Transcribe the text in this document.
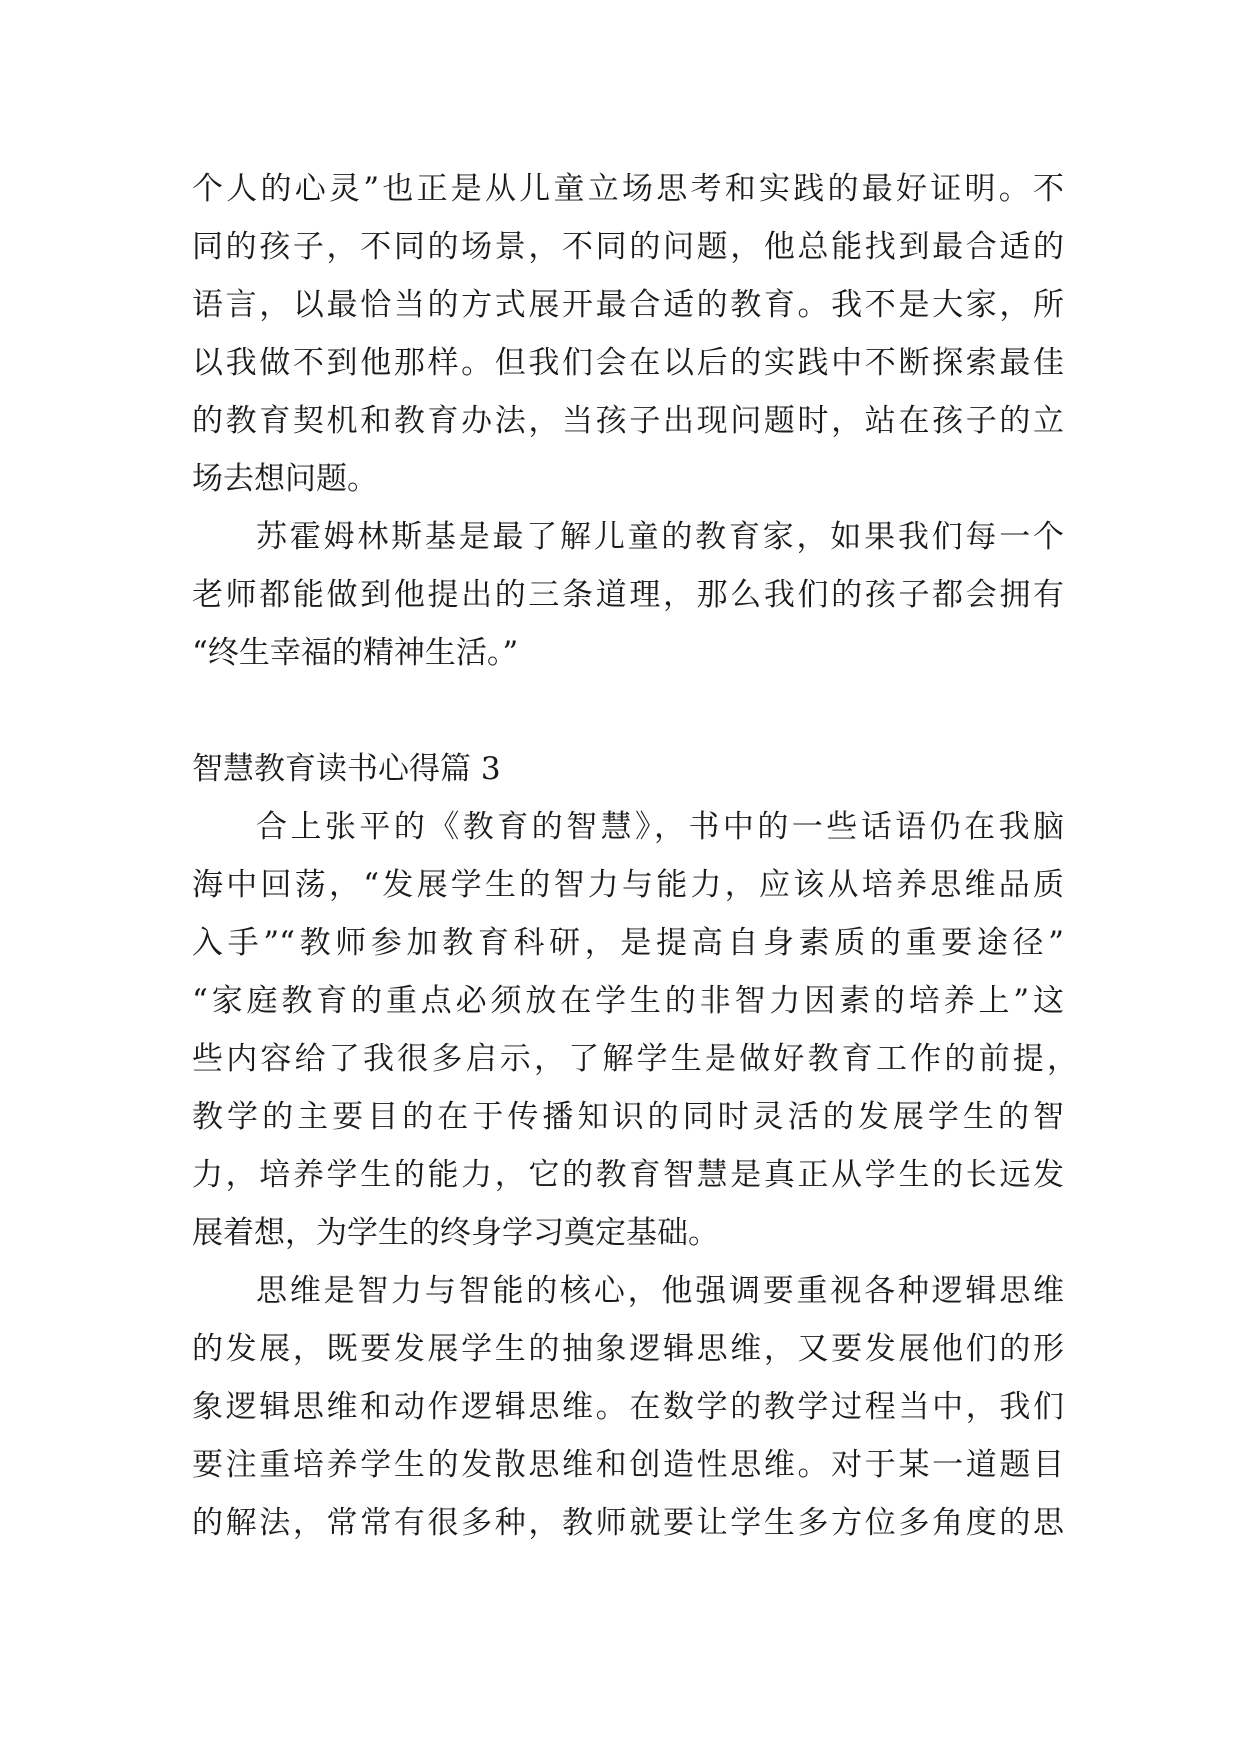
个人的心灵”也正是从儿童立场思考和实践的最好证明。不
同的孩子，不同的场景，不同的问题，他总能找到最合适的
语言，以最恰当的方式展开最合适的教育。我不是大家，所
以我做不到他那样。但我们会在以后的实践中不断探索最佳
的教育契机和教育办法，当孩子出现问题时，站在孩子的立
场去想问题。
苏霍姆林斯基是最了解儿童的教育家，如果我们每一个
老师都能做到他提出的三条道理，那么我们的孩子都会拥有
“终生幸福的精神生活。”
智慧教育读书心得篇 3
合上张平的《教育的智慧》，书中的一些话语仍在我脑
海中回荡，“发展学生的智力与能力，应该从培养思维品质
入手”“教师参加教育科研，是提高自身素质的重要途径”
“家庭教育的重点必须放在学生的非智力因素的培养上”这
些内容给了我很多启示，了解学生是做好教育工作的前提，
教学的主要目的在于传播知识的同时灵活的发展学生的智
力，培养学生的能力，它的教育智慧是真正从学生的长远发
展着想，为学生的终身学习奠定基础。
思维是智力与智能的核心，他强调要重视各种逻辑思维
的发展，既要发展学生的抽象逻辑思维，又要发展他们的形
象逻辑思维和动作逻辑思维。在数学的教学过程当中，我们
要注重培养学生的发散思维和创造性思维。对于某一道题目
的解法，常常有很多种，教师就要让学生多方位多角度的思
